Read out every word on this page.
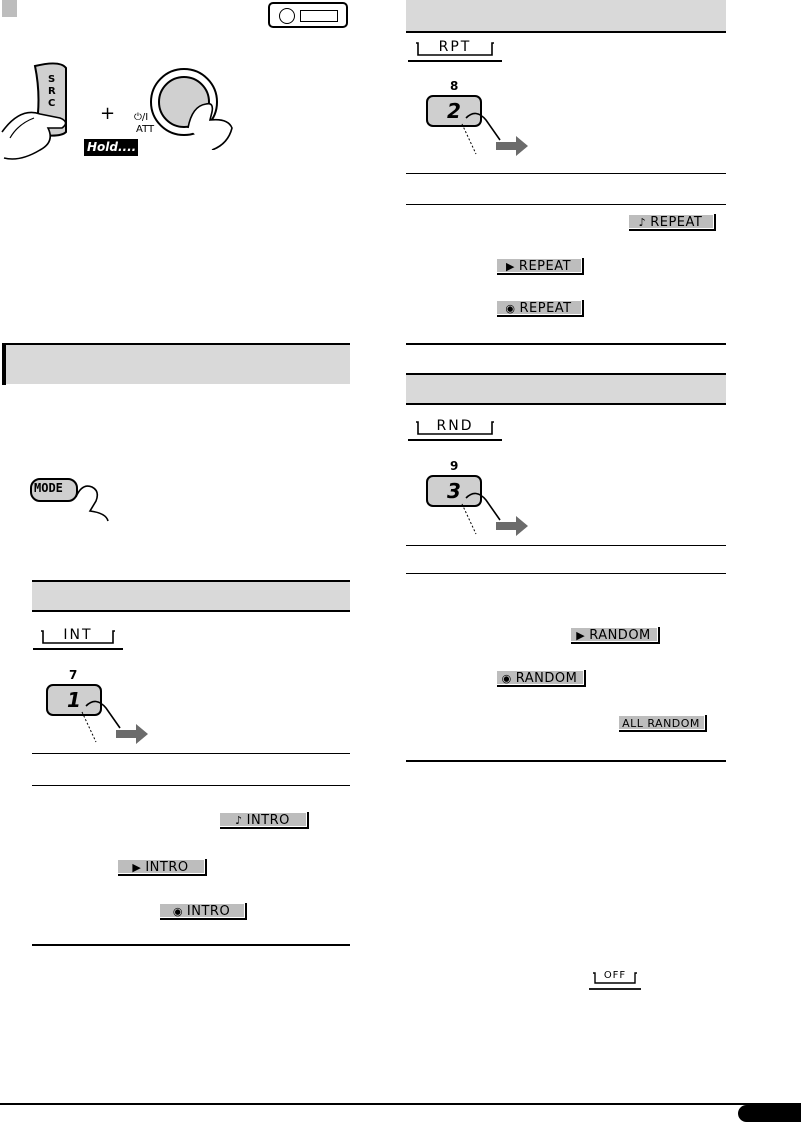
S
R
C +
Hold....
⏻/I
ATT
MODE
INT
7
1
♪ INTRO
▶ INTRO
◉ INTRO
RPT
8
2
♪ REPEAT
▶ REPEAT
◉ REPEAT
RND
9
3
▶ RANDOM
◉ RANDOM
ALL RANDOM
OFF
